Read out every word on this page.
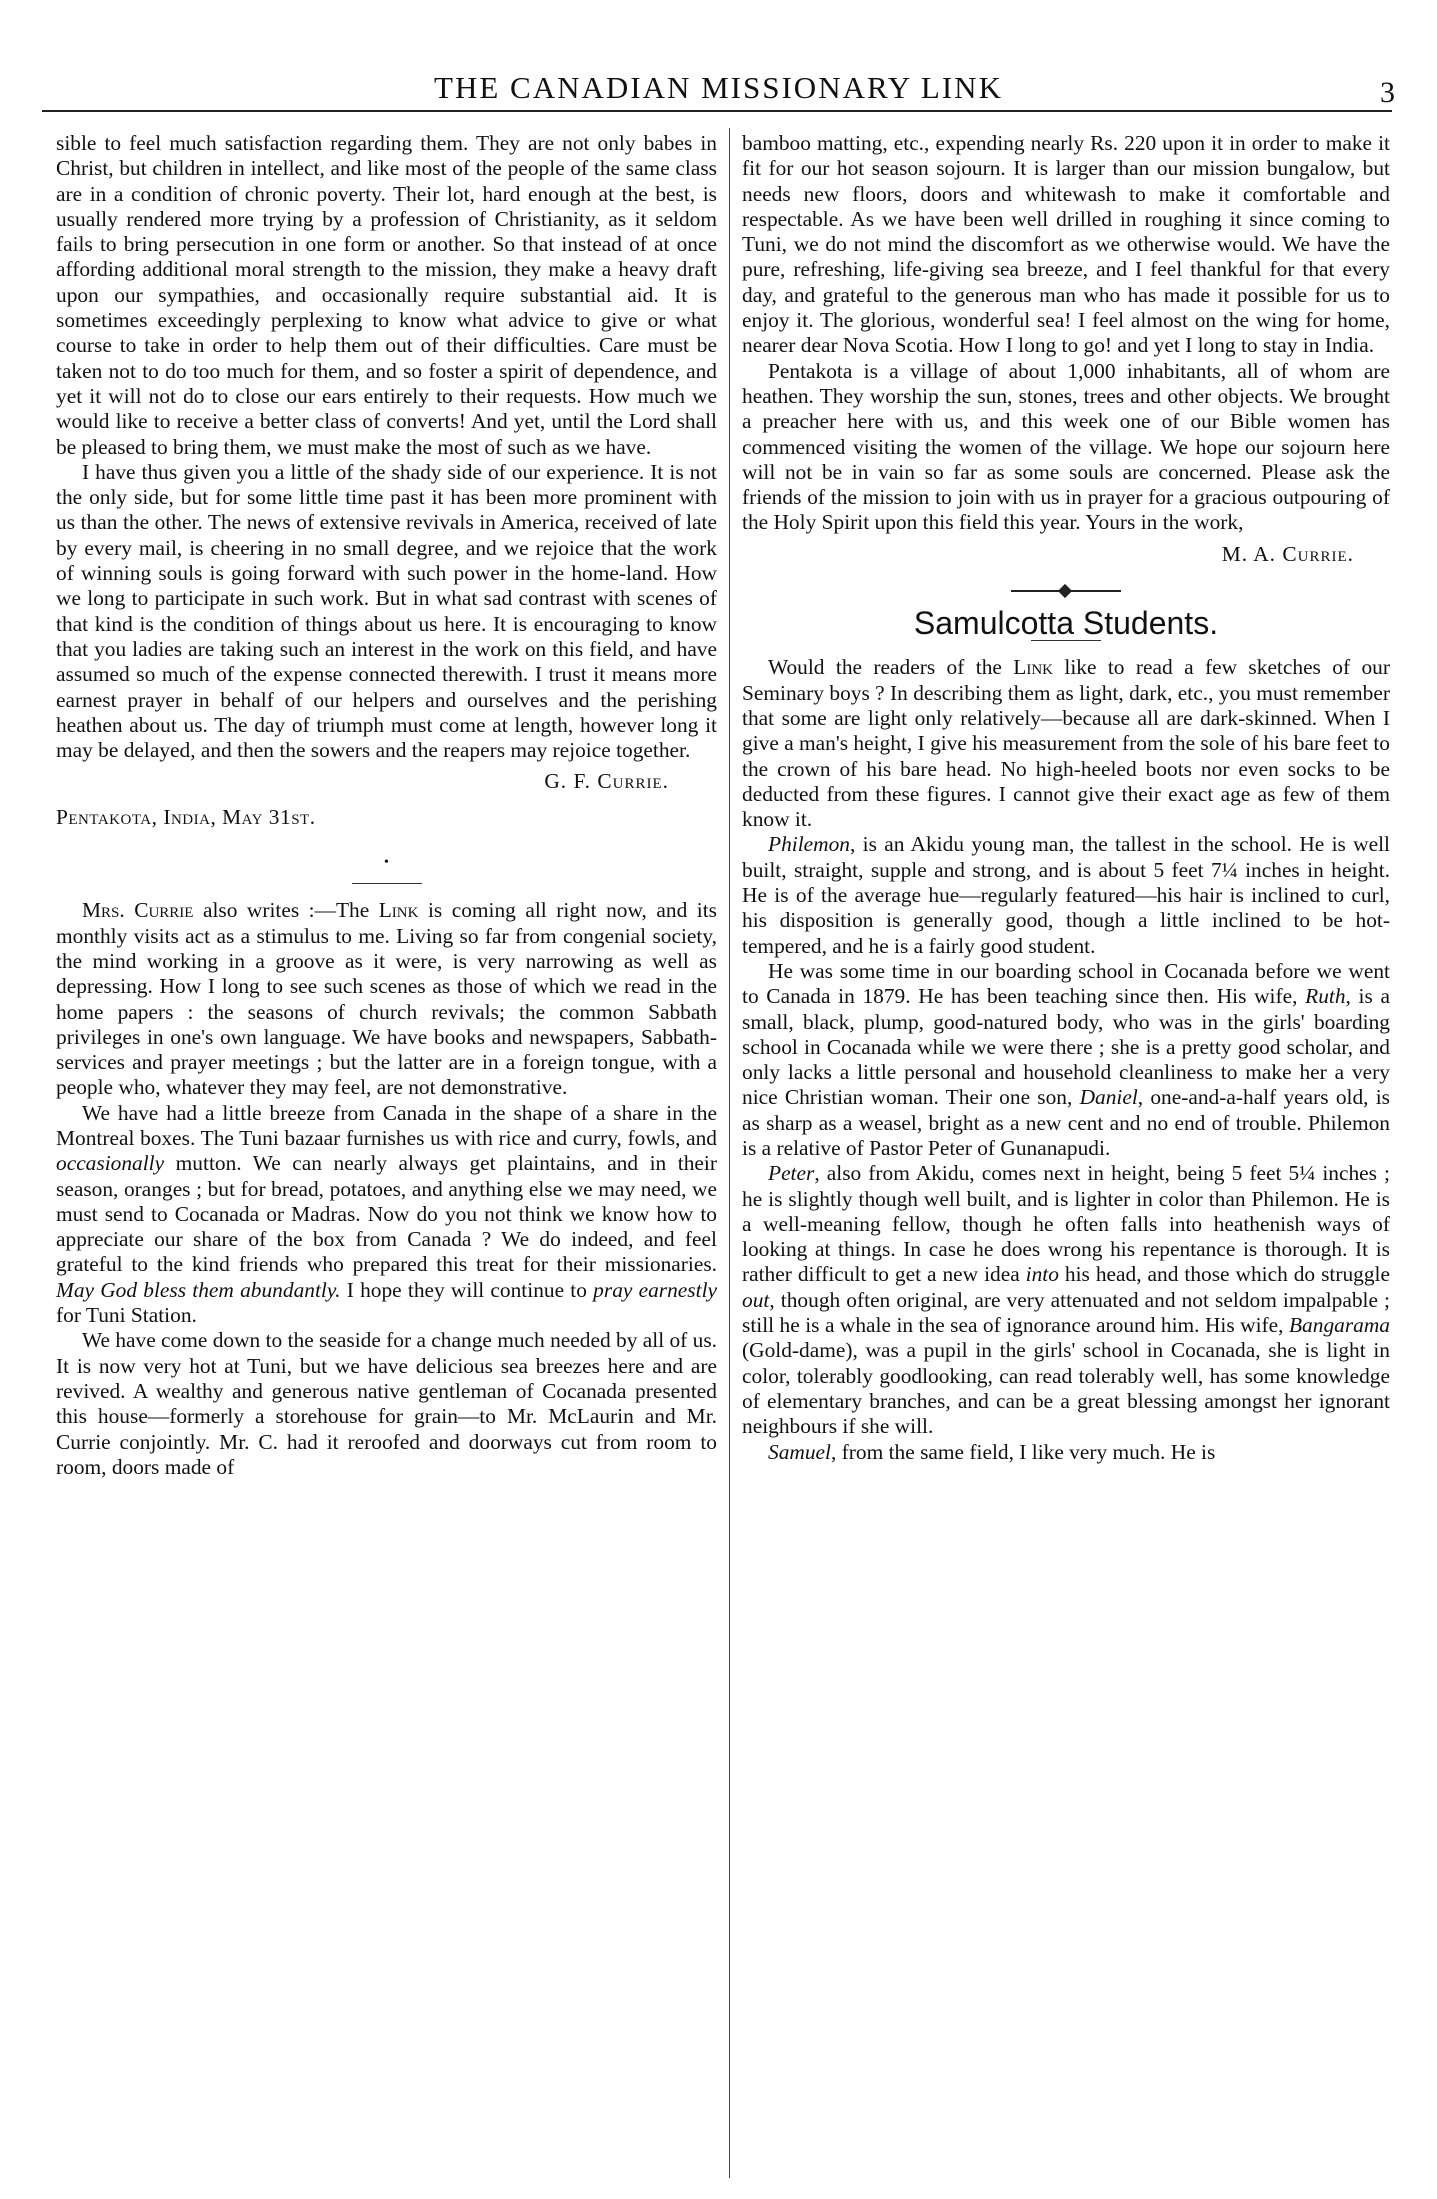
THE CANADIAN MISSIONARY LINK	3

sible to feel much satisfaction regarding them. They are not only babes in Christ, but children in intellect, and like most of the people of the same class are in a condition of chronic poverty. Their lot, hard enough at the best, is usually rendered more trying by a profession of Christianity, as it seldom fails to bring persecution in one form or another. So that instead of at once affording additional moral strength to the mission, they make a heavy draft upon our sympathies, and occasionally require substantial aid. It is sometimes exceedingly perplexing to know what advice to give or what course to take in order to help them out of their difficulties. Care must be taken not to do too much for them, and so foster a spirit of dependence, and yet it will not do to close our ears entirely to their requests. How much we would like to receive a better class of converts! And yet, until the Lord shall be pleased to bring them, we must make the most of such as we have.

I have thus given you a little of the shady side of our experience. It is not the only side, but for some little time past it has been more prominent with us than the other. The news of extensive revivals in America, received of late by every mail, is cheering in no small degree, and we rejoice that the work of winning souls is going forward with such power in the home-land. How we long to participate in such work. But in what sad contrast with scenes of that kind is the condition of things about us here. It is encouraging to know that you ladies are taking such an interest in the work on this field, and have assumed so much of the expense connected therewith. I trust it means more earnest prayer in behalf of our helpers and ourselves and the perishing heathen about us. The day of triumph must come at length, however long it may be delayed, and then the sowers and the reapers may rejoice together.

G. F. Currie.

Pentakota, India, May 31st.

•

Mrs. Currie also writes :—The Link is coming all right now, and its monthly visits act as a stimulus to me. Living so far from congenial society, the mind working in a groove as it were, is very narrowing as well as depressing. How I long to see such scenes as those of which we read in the home papers : the seasons of church revivals; the common Sabbath privileges in one's own language. We have books and newspapers, Sabbath-services and prayer meetings ; but the latter are in a foreign tongue, with a people who, whatever they may feel, are not demonstrative.

We have had a little breeze from Canada in the shape of a share in the Montreal boxes. The Tuni bazaar furnishes us with rice and curry, fowls, and occasionally mutton. We can nearly always get plaintains, and in their season, oranges ; but for bread, potatoes, and anything else we may need, we must send to Cocanada or Madras. Now do you not think we know how to appreciate our share of the box from Canada ? We do indeed, and feel grateful to the kind friends who prepared this treat for their missionaries. May God bless them abundantly. I hope they will continue to pray earnestly for Tuni Station.

We have come down to the seaside for a change much needed by all of us. It is now very hot at Tuni, but we have delicious sea breezes here and are revived. A wealthy and generous native gentleman of Cocanada presented this house—formerly a storehouse for grain—to Mr. McLaurin and Mr. Currie conjointly. Mr. C. had it reroofed and doorways cut from room to room, doors made of

bamboo matting, etc., expending nearly Rs. 220 upon it in order to make it fit for our hot season sojourn. It is larger than our mission bungalow, but needs new floors, doors and whitewash to make it comfortable and respectable. As we have been well drilled in roughing it since coming to Tuni, we do not mind the discomfort as we otherwise would. We have the pure, refreshing, life-giving sea breeze, and I feel thankful for that every day, and grateful to the generous man who has made it possible for us to enjoy it. The glorious, wonderful sea! I feel almost on the wing for home, nearer dear Nova Scotia. How I long to go! and yet I long to stay in India.

Pentakota is a village of about 1,000 inhabitants, all of whom are heathen. They worship the sun, stones, trees and other objects. We brought a preacher here with us, and this week one of our Bible women has commenced visiting the women of the village. We hope our sojourn here will not be in vain so far as some souls are concerned. Please ask the friends of the mission to join with us in prayer for a gracious outpouring of the Holy Spirit upon this field this year. Yours in the work,

M. A. Currie.

Samulcotta Students.

Would the readers of the Link like to read a few sketches of our Seminary boys ? In describing them as light, dark, etc., you must remember that some are light only relatively—because all are dark-skinned. When I give a man's height, I give his measurement from the sole of his bare feet to the crown of his bare head. No high-heeled boots nor even socks to be deducted from these figures. I cannot give their exact age as few of them know it.

Philemon, is an Akidu young man, the tallest in the school. He is well built, straight, supple and strong, and is about 5 feet 7¼ inches in height. He is of the average hue—regularly featured—his hair is inclined to curl, his disposition is generally good, though a little inclined to be hot-tempered, and he is a fairly good student.

He was some time in our boarding school in Cocanada before we went to Canada in 1879. He has been teaching since then. His wife, Ruth, is a small, black, plump, good-natured body, who was in the girls' boarding school in Cocanada while we were there ; she is a pretty good scholar, and only lacks a little personal and household cleanliness to make her a very nice Christian woman. Their one son, Daniel, one-and-a-half years old, is as sharp as a weasel, bright as a new cent and no end of trouble. Philemon is a relative of Pastor Peter of Gunanapudi.

Peter, also from Akidu, comes next in height, being 5 feet 5¼ inches ; he is slightly though well built, and is lighter in color than Philemon. He is a well-meaning fellow, though he often falls into heathenish ways of looking at things. In case he does wrong his repentance is thorough. It is rather difficult to get a new idea into his head, and those which do struggle out, though often original, are very attenuated and not seldom impalpable ; still he is a whale in the sea of ignorance around him. His wife, Bangarama (Gold-dame), was a pupil in the girls' school in Cocanada, she is light in color, tolerably goodlooking, can read tolerably well, has some knowledge of elementary branches, and can be a great blessing amongst her ignorant neighbours if she will.

Samuel, from the same field, I like very much. He is
